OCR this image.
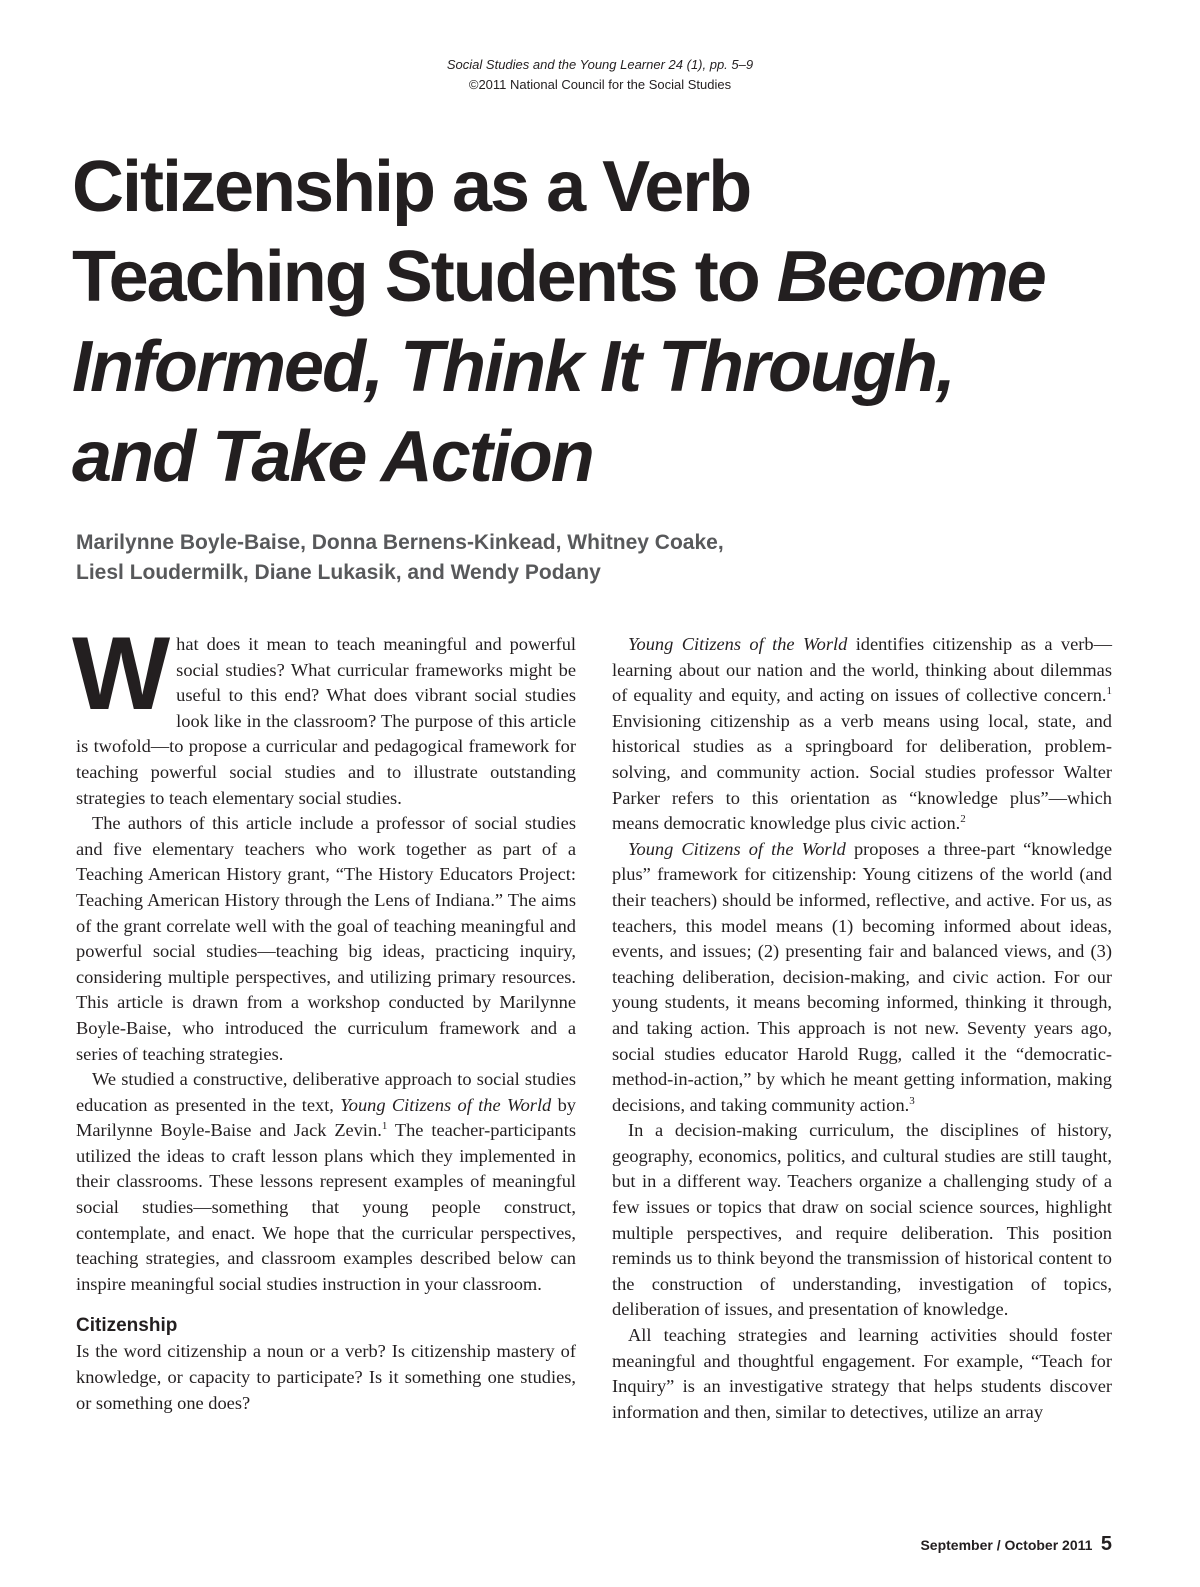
Social Studies and the Young Learner 24 (1), pp. 5–9
©2011 National Council for the Social Studies
Citizenship as a Verb
Teaching Students to Become
Informed, Think It Through,
and Take Action
Marilynne Boyle-Baise, Donna Bernens-Kinkead, Whitney Coake,
Liesl Loudermilk, Diane Lukasik, and Wendy Podany

What does it mean to teach meaningful and powerful social studies? What curricular frameworks might be useful to this end? What does vibrant social studies look like in the classroom? The purpose of this article is twofold—to propose a curricular and pedagogical framework for teaching powerful social studies and to illustrate outstanding strategies to teach elementary social studies.

The authors of this article include a professor of social studies and five elementary teachers who work together as part of a Teaching American History grant, “The History Educators Project: Teaching American History through the Lens of Indiana.” The aims of the grant correlate well with the goal of teaching meaningful and powerful social studies—teaching big ideas, practicing inquiry, considering multiple perspectives, and utilizing primary resources. This article is drawn from a workshop conducted by Marilynne Boyle-Baise, who introduced the curriculum framework and a series of teaching strategies.

We studied a constructive, deliberative approach to social studies education as presented in the text, Young Citizens of the World by Marilynne Boyle-Baise and Jack Zevin.$^1$ The teacher-participants utilized the ideas to craft lesson plans which they implemented in their classrooms. These lessons represent examples of meaningful social studies—something that young people construct, contemplate, and enact. We hope that the curricular perspectives, teaching strategies, and classroom examples described below can inspire meaningful social studies instruction in your classroom.

Citizenship

Is the word citizenship a noun or a verb? Is citizenship mastery of knowledge, or capacity to participate? Is it something one studies, or something one does?

Young Citizens of the World identifies citizenship as a verb—learning about our nation and the world, thinking about dilemmas of equality and equity, and acting on issues of collective concern.$^1$ Envisioning citizenship as a verb means using local, state, and historical studies as a springboard for deliberation, problem-solving, and community action. Social studies professor Walter Parker refers to this orientation as “knowledge plus”—which means democratic knowledge plus civic action.$^2$

Young Citizens of the World proposes a three-part “knowledge plus” framework for citizenship: Young citizens of the world (and their teachers) should be informed, reflective, and active. For us, as teachers, this model means (1) becoming informed about ideas, events, and issues; (2) presenting fair and balanced views, and (3) teaching deliberation, decision-making, and civic action. For our young students, it means becoming informed, thinking it through, and taking action. This approach is not new. Seventy years ago, social studies educator Harold Rugg, called it the “democratic-method-in-action,” by which he meant getting information, making decisions, and taking community action.$^3$

In a decision-making curriculum, the disciplines of history, geography, economics, politics, and cultural studies are still taught, but in a different way. Teachers organize a challenging study of a few issues or topics that draw on social science sources, highlight multiple perspectives, and require deliberation. This position reminds us to think beyond the transmission of historical content to the construction of understanding, investigation of topics, deliberation of issues, and presentation of knowledge.

All teaching strategies and learning activities should foster meaningful and thoughtful engagement. For example, “Teach for Inquiry” is an investigative strategy that helps students discover information and then, similar to detectives, utilize an array

September / October 2011 5
